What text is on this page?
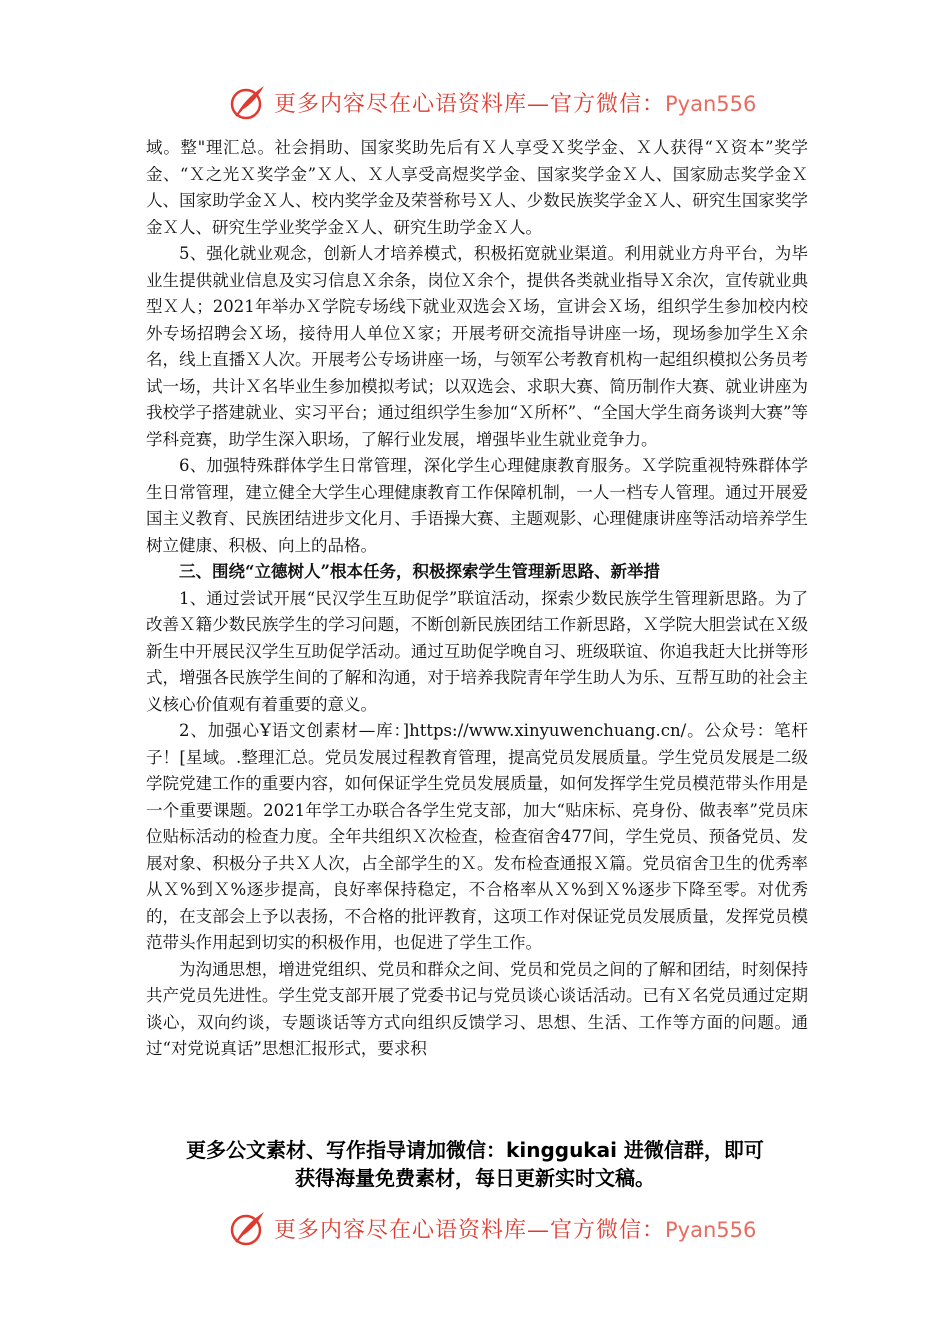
更多内容尽在心语资料库—官方微信：Pyan556

域。整"理汇总。社会捐助、国家奖助先后有Ｘ人享受Ｘ奖学金、Ｘ人获得“Ｘ资本”奖学金、“Ｘ之光Ｘ奖学金”Ｘ人、Ｘ人享受高煜奖学金、国家奖学金Ｘ人、国家励志奖学金Ｘ人、国家助学金Ｘ人、校内奖学金及荣誉称号Ｘ人、少数民族奖学金Ｘ人、研究生国家奖学金Ｘ人、研究生学业奖学金Ｘ人、研究生助学金Ｘ人。

5、强化就业观念，创新人才培养模式，积极拓宽就业渠道。利用就业方舟平台，为毕业生提供就业信息及实习信息Ｘ余条，岗位Ｘ余个，提供各类就业指导Ｘ余次，宣传就业典型Ｘ人；2021年举办Ｘ学院专场线下就业双选会Ｘ场，宣讲会Ｘ场，组织学生参加校内校外专场招聘会Ｘ场，接待用人单位Ｘ家；开展考研交流指导讲座一场，现场参加学生Ｘ余名，线上直播Ｘ人次。开展考公专场讲座一场，与领军公考教育机构一起组织模拟公务员考试一场，共计Ｘ名毕业生参加模拟考试；以双选会、求职大赛、简历制作大赛、就业讲座为我校学子搭建就业、实习平台；通过组织学生参加“Ｘ所杯”、“全国大学生商务谈判大赛”等学科竞赛，助学生深入职场，了解行业发展，增强毕业生就业竞争力。

6、加强特殊群体学生日常管理，深化学生心理健康教育服务。Ｘ学院重视特殊群体学生日常管理，建立健全大学生心理健康教育工作保障机制，一人一档专人管理。通过开展爱国主义教育、民族团结进步文化月、手语操大赛、主题观影、心理健康讲座等活动培养学生树立健康、积极、向上的品格。

三、围绕“立德树人”根本任务，积极探索学生管理新思路、新举措

1、通过尝试开展“民汉学生互助促学”联谊活动，探索少数民族学生管理新思路。为了改善Ｘ籍少数民族学生的学习问题，不断创新民族团结工作新思路，Ｘ学院大胆尝试在Ｘ级新生中开展民汉学生互助促学活动。通过互助促学晚自习、班级联谊、你追我赶大比拼等形式，增强各民族学生间的了解和沟通，对于培养我院青年学生助人为乐、互帮互助的社会主义核心价值观有着重要的意义。

2、加强心Ұ语文创素材—库：]https://www.xinyuwenchuang.cn/。公众号：笔杆子！[星域。.整理汇总。党员发展过程教育管理，提高党员发展质量。学生党员发展是二级学院党建工作的重要内容，如何保证学生党员发展质量，如何发挥学生党员模范带头作用是一个重要课题。2021年学工办联合各学生党支部，加大“贴床标、亮身份、做表率”党员床位贴标活动的检查力度。全年共组织Ｘ次检查，检查宿舍477间，学生党员、预备党员、发展对象、积极分子共Ｘ人次，占全部学生的Ｘ。发布检查通报Ｘ篇。党员宿舍卫生的优秀率从Ｘ%到Ｘ%逐步提高，良好率保持稳定，不合格率从Ｘ%到Ｘ%逐步下降至零。对优秀的，在支部会上予以表扬，不合格的批评教育，这项工作对保证党员发展质量，发挥党员模范带头作用起到切实的积极作用，也促进了学生工作。

为沟通思想，增进党组织、党员和群众之间、党员和党员之间的了解和团结，时刻保持共产党员先进性。学生党支部开展了党委书记与党员谈心谈话活动。已有Ｘ名党员通过定期谈心，双向约谈，专题谈话等方式向组织反馈学习、思想、生活、工作等方面的问题。通过“对党说真话”思想汇报形式，要求积

更多公文素材、写作指导请加微信：kinggukai 进微信群，即可
获得海量免费素材，每日更新实时文稿。
更多内容尽在心语资料库—官方微信：Pyan556
